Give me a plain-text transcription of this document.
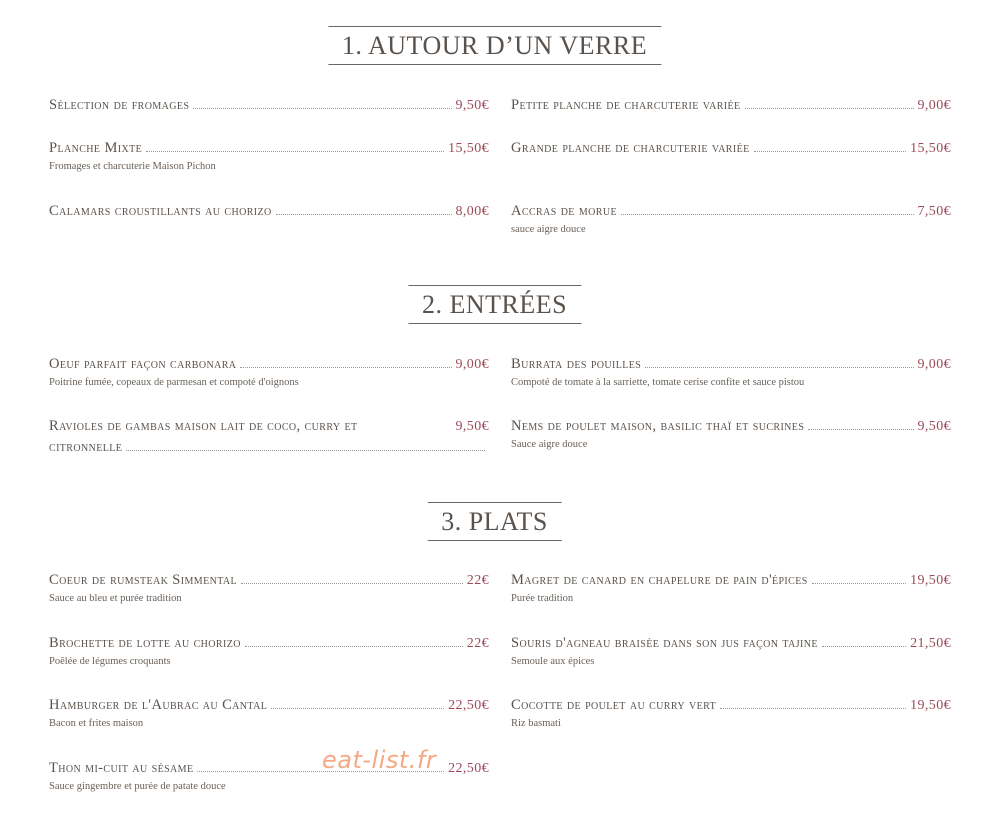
1. AUTOUR D’UN VERRE
Sélection de fromages	9,50€
Planche Mixte	15,50€
Fromages et charcuterie Maison Pichon
Calamars croustillants au chorizo	8,00€
Petite planche de charcuterie variée	9,00€
Grande planche de charcuterie variée	15,50€
Accras de morue	7,50€
sauce aigre douce
2. ENTRÉES
Oeuf parfait façon carbonara	9,00€
Poitrine fumée, copeaux de parmesan et compoté d'oignons
Ravioles de gambas maison lait de coco, curry et	9,50€
citronnelle
Burrata des pouilles	9,00€
Compoté de tomate à la sarriette, tomate cerise confite et sauce pistou
Nems de poulet maison, basilic thaï et sucrines	9,50€
Sauce aigre douce
3. PLATS
Coeur de rumsteak Simmental	22€
Sauce au bleu et purée tradition
Brochette de lotte au chorizo	22€
Poêlée de légumes croquants
Hamburger de l'Aubrac au Cantal	22,50€
Bacon et frites maison
Thon mi-cuit au sésame	22,50€
Sauce gingembre et purée de patate douce
Magret de canard en chapelure de pain d'épices	19,50€
Purée tradition
Souris d'agneau braisée dans son jus façon tajine	21,50€
Semoule aux épices
Cocotte de poulet au curry vert	19,50€
Riz basmati
eat-list.fr
